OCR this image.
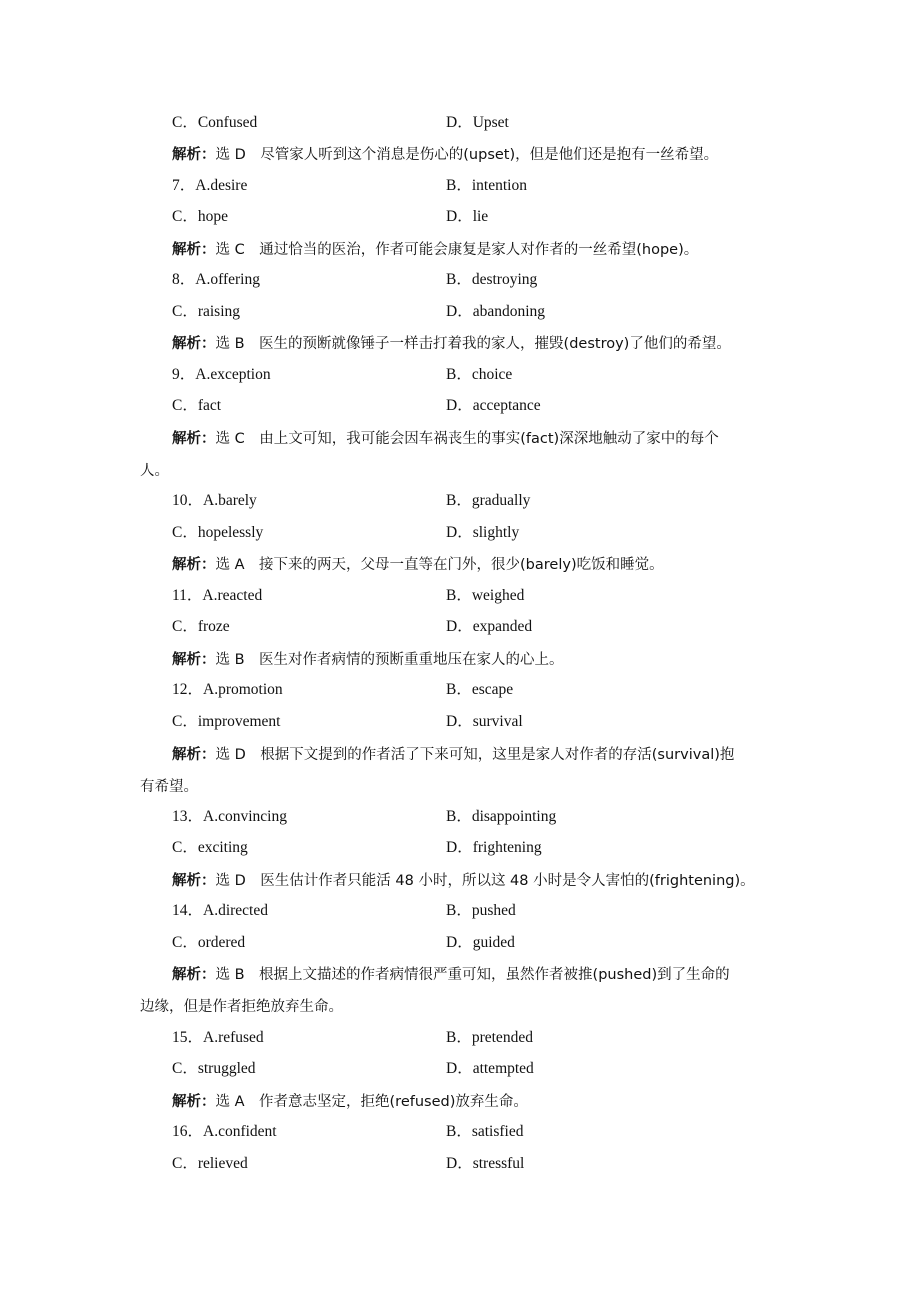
C．Confused	D．Upset
解析：选 D　尽管家人听到这个消息是伤心的(upset)，但是他们还是抱有一丝希望。
7．A.desire	B．intention
C．hope	D．lie
解析：选 C　通过恰当的医治，作者可能会康复是家人对作者的一丝希望(hope)。
8．A.offering	B．destroying
C．raising	D．abandoning
解析：选 B　医生的预断就像锤子一样击打着我的家人，摧毁(destroy)了他们的希望。
9．A.exception	B．choice
C．fact	D．acceptance
解析：选 C　由上文可知，我可能会因车祸丧生的事实(fact)深深地触动了家中的每个
人。
10．A.barely	B．gradually
C．hopelessly	D．slightly
解析：选 A　接下来的两天，父母一直等在门外，很少(barely)吃饭和睡觉。
11．A.reacted	B．weighed
C．froze	D．expanded
解析：选 B　医生对作者病情的预断重重地压在家人的心上。
12．A.promotion	B．escape
C．improvement	D．survival
解析：选 D　根据下文提到的作者活了下来可知，这里是家人对作者的存活(survival)抱
有希望。
13．A.convincing	B．disappointing
C．exciting	D．frightening
解析：选 D　医生估计作者只能活 48 小时，所以这 48 小时是令人害怕的(frightening)。
14．A.directed	B．pushed
C．ordered	D．guided
解析：选 B　根据上文描述的作者病情很严重可知，虽然作者被推(pushed)到了生命的
边缘，但是作者拒绝放弃生命。
15．A.refused	B．pretended
C．struggled	D．attempted
解析：选 A　作者意志坚定，拒绝(refused)放弃生命。
16．A.confident	B．satisfied
C．relieved	D．stressful
